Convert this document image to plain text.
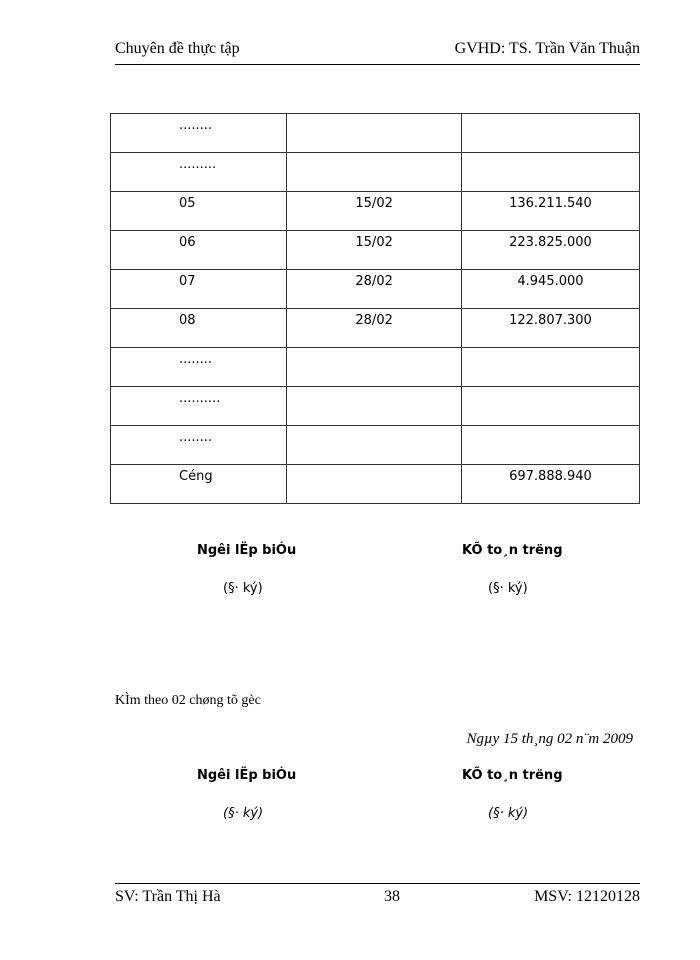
Chuyên đề thực tập	GVHD: TS. Trần Văn Thuận
........		
.........		
05	15/02	136.211.540
06	15/02	223.825.000
07	28/02	4.945.000
08	28/02	122.807.300
........		
..........		
........		
Céng		697.888.940
Ngêi lËp biÓu
(§· ký)
KÕ to¸n trëng
(§· ký)
KÌm theo 02 chøng tõ gèc
Ngµy 15 th¸ng 02 n¨m 2009
Ngêi lËp biÓu
(§· ký)
KÕ to¸n trëng
(§· ký)
SV: Trần Thị Hà	38	MSV: 12120128
